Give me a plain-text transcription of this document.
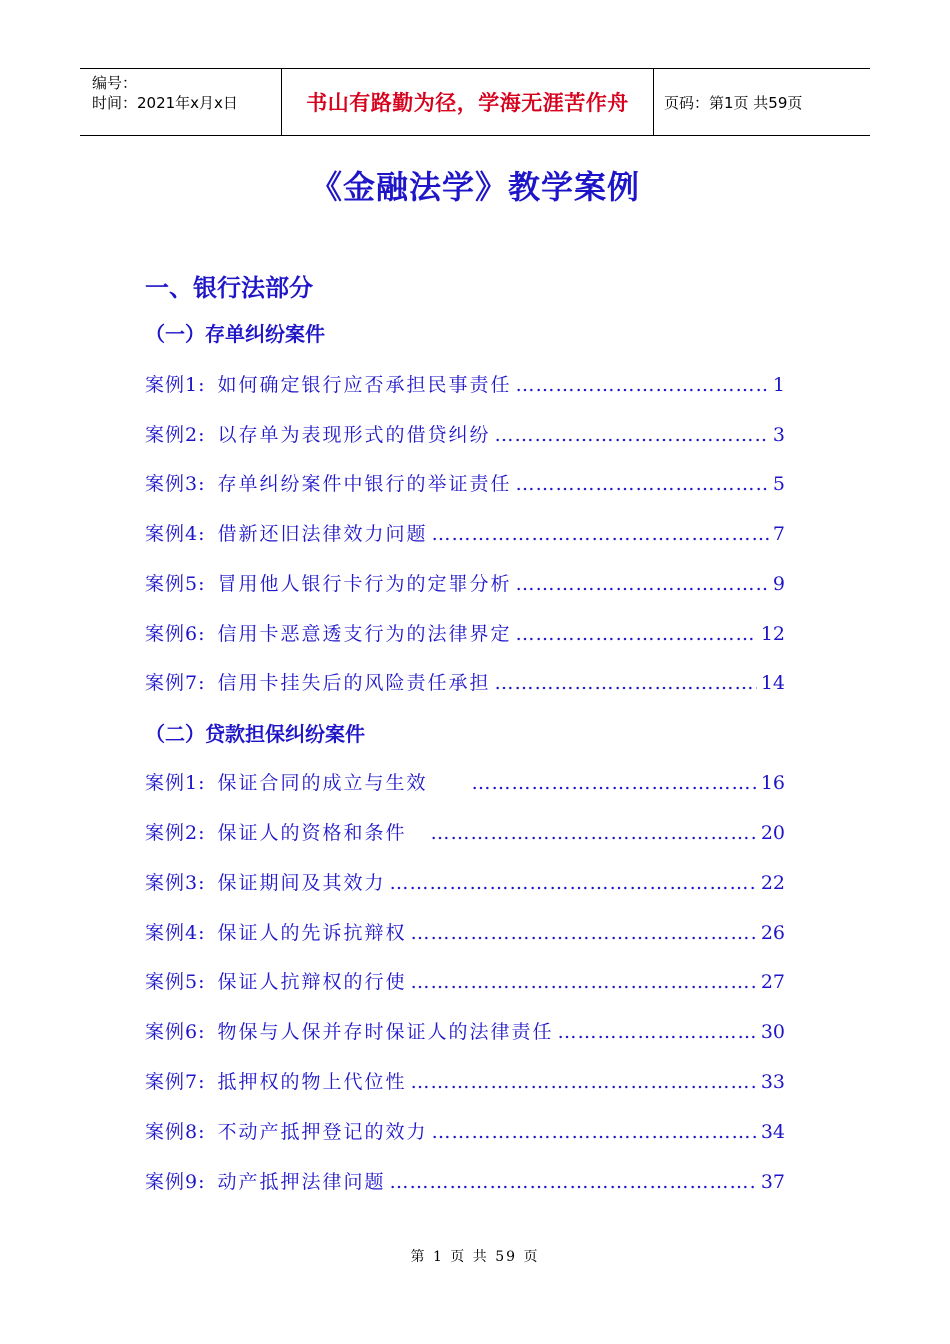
编号：
时间：2021年x月x日	书山有路勤为径，学海无涯苦作舟	页码：第1页 共59页
《金融法学》教学案例
一、银行法部分
（一）存单纠纷案件
案例1: 如何确定银行应否承担民事责任 …………………………………………………………………………………………………………	1
案例2: 以存单为表现形式的借贷纠纷 …………………………………………………………………………………………………………	3
案例3: 存单纠纷案件中银行的举证责任 …………………………………………………………………………………………………………	5
案例4: 借新还旧法律效力问题 …………………………………………………………………………………………………………	7
案例5: 冒用他人银行卡行为的定罪分析 …………………………………………………………………………………………………………	9
案例6: 信用卡恶意透支行为的法律界定 …………………………………………………………………………………………………………	12
案例7: 信用卡挂失后的风险责任承担 …………………………………………………………………………………………………………	14
（二）贷款担保纠纷案件
案例1: 保证合同的成立与生效 …………………………………………………………………………………………………………	16
案例2: 保证人的资格和条件 …………………………………………………………………………………………………………	20
案例3: 保证期间及其效力 …………………………………………………………………………………………………………	22
案例4: 保证人的先诉抗辩权 …………………………………………………………………………………………………………	26
案例5: 保证人抗辩权的行使 …………………………………………………………………………………………………………	27
案例6: 物保与人保并存时保证人的法律责任 …………………………………………………………………………………………………………	30
案例7: 抵押权的物上代位性 …………………………………………………………………………………………………………	33
案例8: 不动产抵押登记的效力 …………………………………………………………………………………………………………	34
案例9: 动产抵押法律问题 …………………………………………………………………………………………………………	37
第 1 页 共 59 页
